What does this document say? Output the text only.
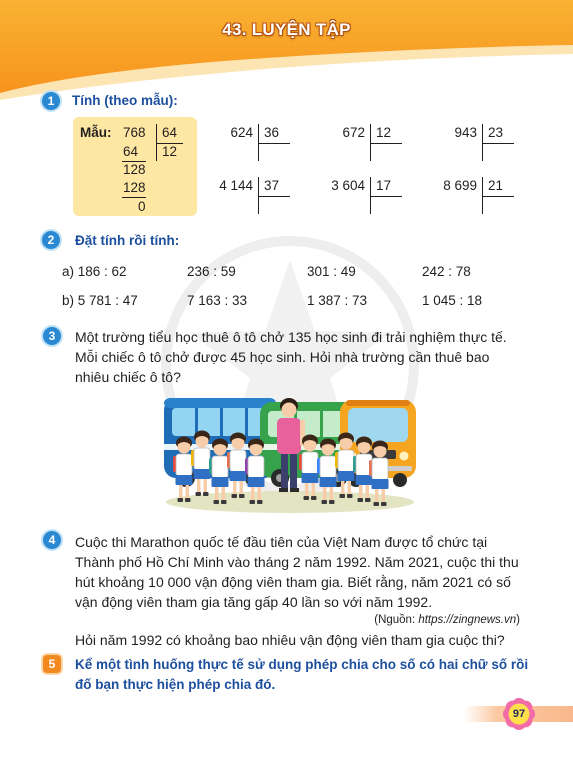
43. LUYỆN TẬP
1	Tính (theo mẫu):
Mẫu: 768 64
12
64
128
128
0
624 36	672 12	943 23
4 144 37	3 604 17	8 699 21
2	Đặt tính rồi tính:
a) 186 : 62	236 : 59	301 : 49	242 : 78
b) 5 781 : 47	7 163 : 33	1 387 : 73	1 045 : 18
3	Một trường tiểu học thuê ô tô chở 135 học sinh đi trải nghiệm thực tế.
Mỗi chiếc ô tô chở được 45 học sinh. Hỏi nhà trường cần thuê bao
nhiêu chiếc ô tô?
4	Cuộc thi Marathon quốc tế đầu tiên của Việt Nam được tổ chức tại
Thành phố Hồ Chí Minh vào tháng 2 năm 1992. Năm 2021, cuộc thi thu
hút khoảng 10 000 vận động viên tham gia. Biết rằng, năm 2021 có số
vận động viên tham gia tăng gấp 40 lần so với năm 1992.
(Nguồn: https://zingnews.vn)
Hỏi năm 1992 có khoảng bao nhiêu vận động viên tham gia cuộc thi?
5	Kể một tình huống thực tế sử dụng phép chia cho số có hai chữ số rồi
đố bạn thực hiện phép chia đó.
97
